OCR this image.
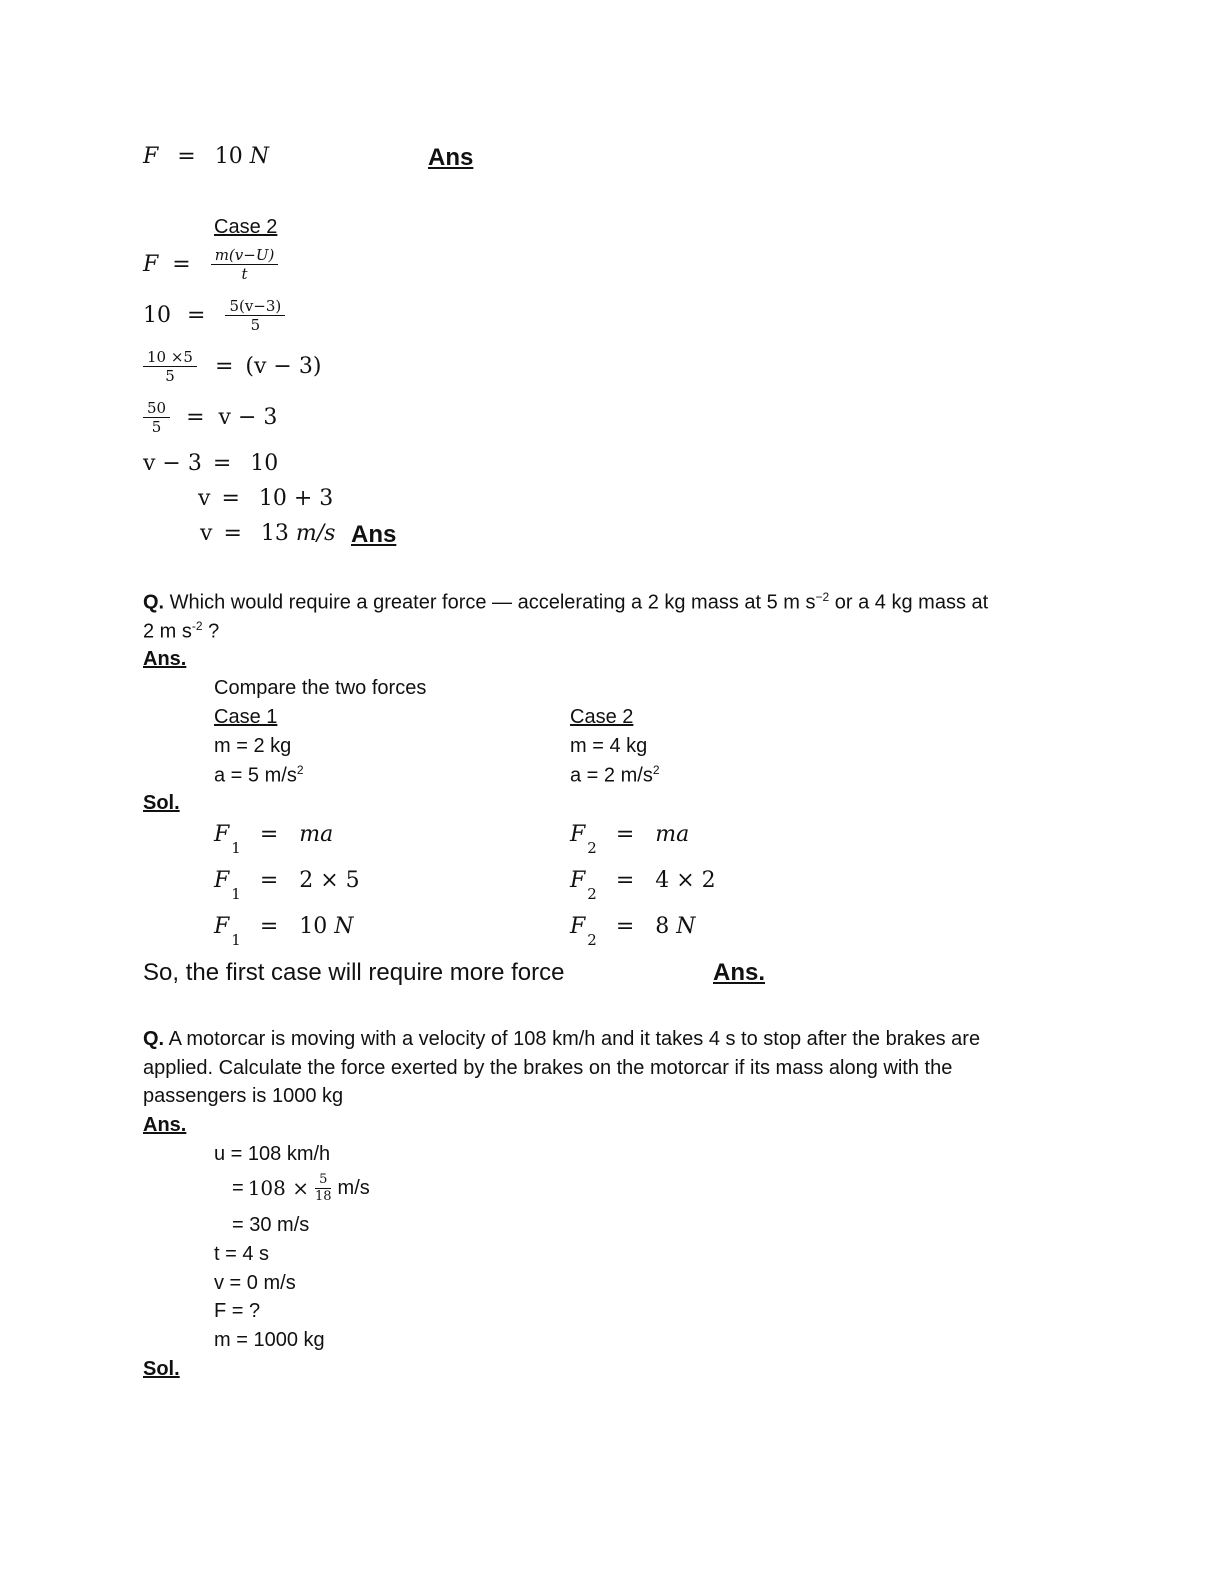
F = 10 N	Ans
Case 2
$F = \frac{m(v-U)}{t}$
$10 = \frac{5(v-3)}{5}$
$\frac{10 \times 5}{5} = (v - 3)$
$\frac{50}{5} = v - 3$
v − 3 = 10
v = 10 + 3
v = 13 m/s Ans
Q. Which would require a greater force — accelerating a 2 kg mass at 5 m $s^{-2}$ or a 4 kg mass at
2 m $s^{-2}$ ?
Ans.
Compare the two forces
Case 1
m = 2 kg
a = 5 $m/s^2$
Case 2
m = 4 kg
a = 2 $m/s^2$
Sol.
$F_1$ = ma
$F_1 = 2 \times 5$
$F_1 = 10$ N
$F_2$ = ma
$F_2 = 4 \times 2$
$F_2 = 8$ N
So, the first case will require more force	Ans.
Q. A motorcar is moving with a velocity of 108 km/h and it takes 4 s to stop after the brakes are
applied. Calculate the force exerted by the brakes on the motorcar if its mass along with the
passengers is 1000 kg
Ans.
u = 108 km/h
= $108 \times \frac{5}{18} m/s$
= 30 m/s
t = 4 s
v = 0 m/s
F = ?
m = 1000 kg
Sol.
